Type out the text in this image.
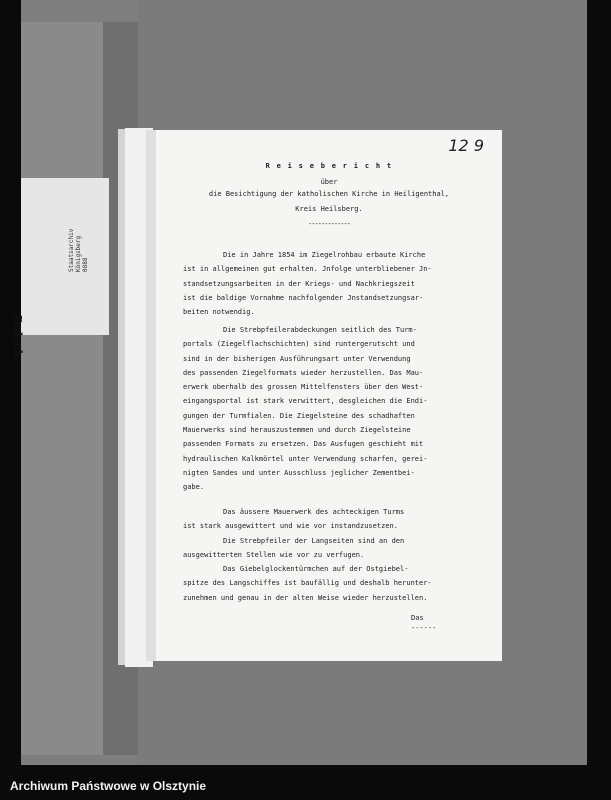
Staatsarchiv Königsberg 0888
Doleck
12 9
R e i s e b e r i c h t
über
die Besichtigung der katholischen Kirche in Heiligenthal,
Kreis Heilsberg.
-------------
Die in Jahre 1854 im Ziegelrohbau erbaute Kirche
ist in allgemeinen gut erhalten. Jnfolge unterbliebener Jn-
standsetzungsarbeiten in der Kriegs- und Nachkriegszeit
ist die baldige Vornahme nachfolgender Jnstandsetzungsar-
beiten notwendig.
Die Strebpfeilerabdeckungen seitlich des Turm-
portals (Ziegelflachschichten) sind runtergerutscht und
sind in der bisherigen Ausführungsart unter Verwendung
des passenden Ziegelformats wieder herzustellen. Das Mau-
erwerk oberhalb des grossen Mittelfensters über den West-
eingangsportal ist stark verwittert, desgleichen die Endi-
gungen der Turmfialen. Die Ziegelsteine des schadhaften
Mauerwerks sind herauszustemmen und durch Ziegelsteine
passenden Formats zu ersetzen. Das Ausfugen geschieht mit
hydraulischen Kalkmörtel unter Verwendung scharfen, gerei-
nigten Sandes und unter Ausschluss jeglicher Zementbei-
gabe.
Das äussere Mauerwerk des achteckigen Turms
ist stark ausgewittert und wie vor instandzusetzen.
Die Strebpfeiler der Langseiten sind an den
ausgewitterten Stellen wie vor zu verfugen.
Das Giebelglockentürmchen auf der Ostgiebel-
spitze des Langschiffes ist baufällig und deshalb herunter-
zunehmen und genau in der alten Weise wieder herzustellen.
Das
------
Archiwum Państwowe w Olsztynie
